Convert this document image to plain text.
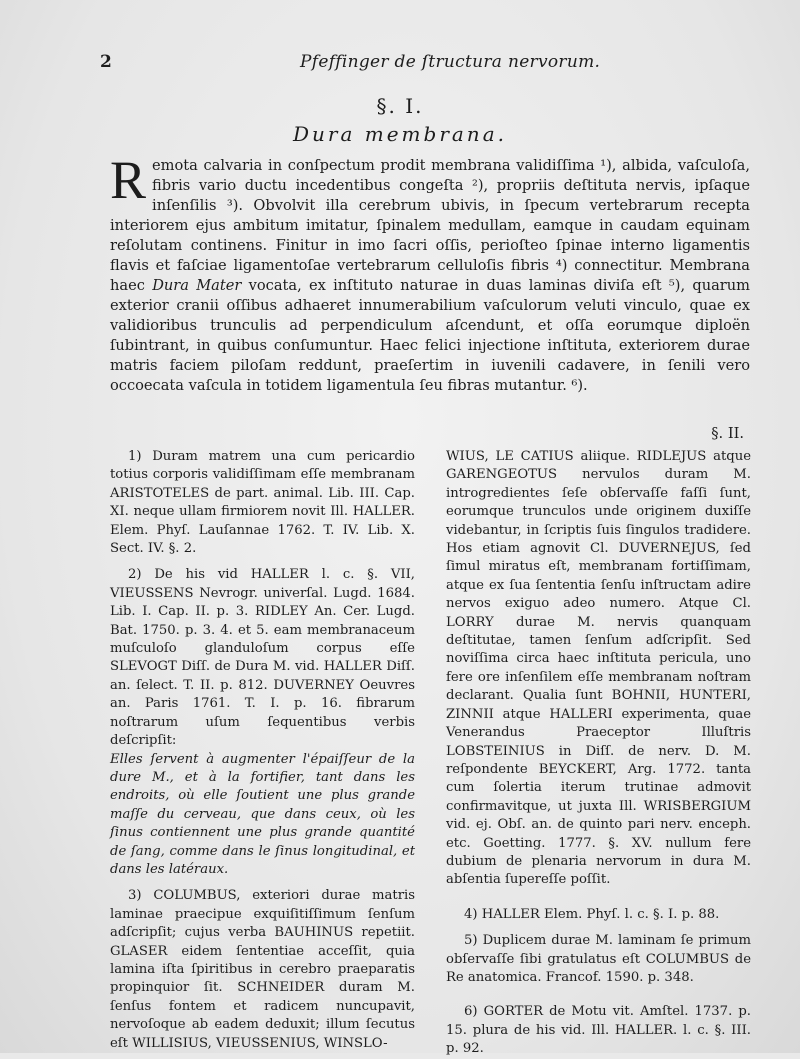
2	Pfeffinger de ſtructura nervorum.
§. I.
Dura membrana.
Remota calvaria in conſpectum prodit membrana validiſſima ¹), albida, vaſculoſa, fibris vario ductu incedentibus congeſta ²), propriis deſtituta nervis, ipſaque inſenſilis ³). Obvolvit illa cerebrum ubivis, in ſpecum vertebrarum recepta interiorem ejus ambitum imitatur, ſpinalem medullam, eamque in caudam equinam reſolutam continens. Finitur in imo ſacri oſſis, perioſteo ſpinae interno ligamentis flavis et faſciae ligamentoſae vertebrarum celluloſis fibris ⁴) connectitur. Membrana haec Dura Mater vocata, ex inſtituto naturae in duas laminas diviſa eſt ⁵), quarum exterior cranii oſſibus adhaeret innumerabilium vaſculorum veluti vinculo, quae ex validioribus trunculis ad perpendiculum aſcendunt, et oſſa eorumque diploën ſubintrant, in quibus conſumuntur. Haec felici injectione inſtituta, exteriorem durae matris faciem piloſam reddunt, praeſertim in iuvenili cadavere, in ſenili vero occoecata vaſcula in totidem ligamentula ſeu fibras mutantur. ⁶).
§. II.

1) Duram matrem una cum pericardio totius corporis validiſſimam eſſe membranam ARISTOTELES de part. animal. Lib. III. Cap. XI. neque ullam firmiorem novit Ill. HALLER. Elem. Phyſ. Lauſannae 1762. T. IV. Lib. X. Sect. IV. §. 2.

2) De his vid HALLER l. c. §. VII, VIEUSSENS Nevrogr. univerſal. Lugd. 1684. Lib. I. Cap. II. p. 3. RIDLEY An. Cer. Lugd. Bat. 1750. p. 3. 4. et 5. eam membranaceum muſculoſo glanduloſum corpus eſſe SLEVOGT Diſſ. de Dura M. vid. HALLER Diſſ. an. ſelect. T. II. p. 812. DUVERNEY Oeuvres an. Paris 1761. T. I. p. 16. fibrarum noſtrarum uſum ſequentibus verbis deſcripſit:

Elles ſervent à augmenter l'épaiſſeur de la dure M., et à la fortifier, tant dans les endroits, où elle ſoutient une plus grande maſſe du cerveau, que dans ceux, où les ſinus contiennent une plus grande quantité de ſang, comme dans le ſinus longitudinal, et dans les latéraux.

3) COLUMBUS, exteriori durae matris laminae praecipue exquiſitiſſimum ſenſum adſcripſit; cujus verba BAUHINUS repetiit. GLASER eidem ſententiae acceſſit, quia lamina iſta ſpiritibus in cerebro praeparatis propinquior ſit. SCHNEIDER duram M. ſenſus fontem et radicem nuncupavit, nervoſoque ab eadem deduxit; illum ſecutus eſt WILLISIUS, VIEUSSENIUS, WINSLO-

WIUS, LE CATIUS aliique. RIDLEJUS atque GARENGEOTUS nervulos duram M. introgredientes ſeſe obſervaſſe faſſi ſunt, eorumque trunculos unde originem duxiſſe videbantur, in ſcriptis ſuis ſingulos tradidere. Hos etiam agnovit Cl. DUVERNEJUS, ſed ſimul miratus eſt, membranam fortiſſimam, atque ex ſua ſententia ſenſu inſtructam adire nervos exiguo adeo numero. Atque Cl. LORRY durae M. nervis quanquam deſtitutae, tamen ſenſum adſcripſit. Sed noviſſima circa haec inſtituta pericula, uno fere ore inſenſilem eſſe membranam noſtram declarant. Qualia ſunt BOHNII, HUNTERI, ZINNII atque HALLERI experimenta, quae Venerandus Praeceptor Illuſtris LOBSTEINIUS in Diſſ. de nerv. D. M. reſpondente BEYCKERT, Arg. 1772. tanta cum ſolertia iterum trutinae admovit confirmavitque, ut juxta Ill. WRISBERGIUM vid. ej. Obſ. an. de quinto pari nerv. enceph. etc. Goetting. 1777. §. XV. nullum fere dubium de plenaria nervorum in dura M. abſentia ſupereſſe poſſit.

4) HALLER Elem. Phyſ. l. c. §. I. p. 88.

5) Duplicem durae M. laminam ſe primum obſervaſſe ſibi gratulatus eſt COLUMBUS de Re anatomica. Francof. 1590. p. 348.

6) GORTER de Motu vit. Amſtel. 1737. p. 15. plura de his vid. Ill. HALLER. l. c. §. III. p. 92.
